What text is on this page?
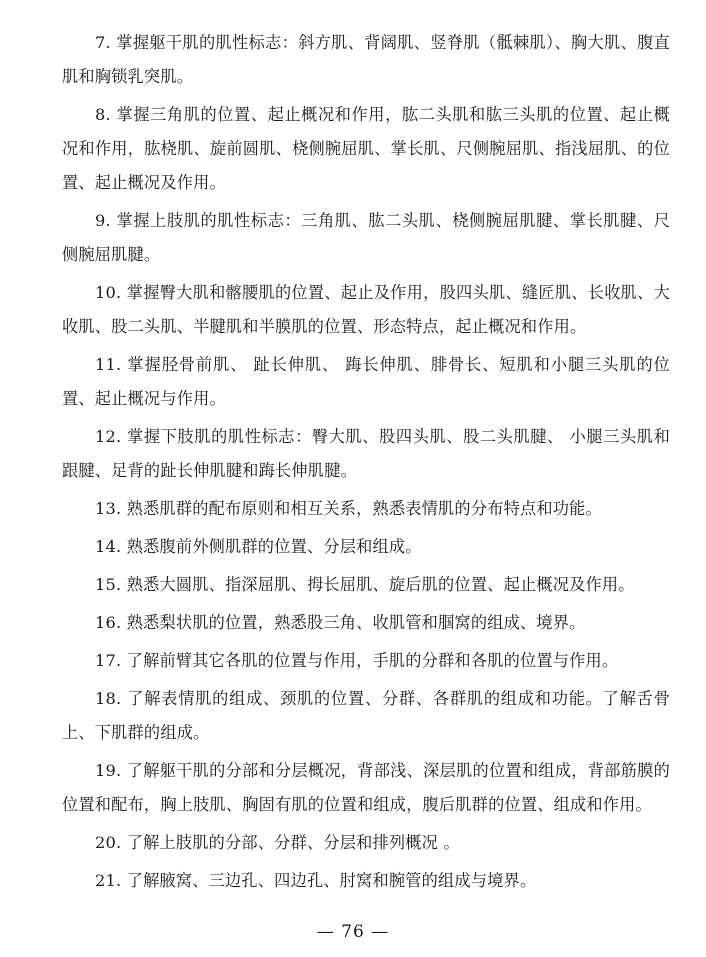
7. 掌握躯干肌的肌性标志：斜方肌、背阔肌、竖脊肌（骶棘肌）、胸大肌、腹直肌和胸锁乳突肌。

8. 掌握三角肌的位置、起止概况和作用，肱二头肌和肱三头肌的位置、起止概况和作用，肱桡肌、旋前圆肌、桡侧腕屈肌、掌长肌、尺侧腕屈肌、指浅屈肌、的位置、起止概况及作用。

9. 掌握上肢肌的肌性标志：三角肌、肱二头肌、桡侧腕屈肌腱、掌长肌腱、尺侧腕屈肌腱。

10. 掌握臀大肌和髂腰肌的位置、起止及作用，股四头肌、缝匠肌、长收肌、大收肌、股二头肌、半腱肌和半膜肌的位置、形态特点，起止概况和作用。

11. 掌握胫骨前肌、 趾长伸肌、 踇长伸肌、腓骨长、短肌和小腿三头肌的位置、起止概况与作用。

12. 掌握下肢肌的肌性标志：臀大肌、股四头肌、股二头肌腱、 小腿三头肌和跟腱、足背的趾长伸肌腱和踇长伸肌腱。

13. 熟悉肌群的配布原则和相互关系，熟悉表情肌的分布特点和功能。

14. 熟悉腹前外侧肌群的位置、分层和组成。

15. 熟悉大圆肌、指深屈肌、拇长屈肌、旋后肌的位置、起止概况及作用。

16. 熟悉梨状肌的位置，熟悉股三角、收肌管和腘窝的组成、境界。

17. 了解前臂其它各肌的位置与作用，手肌的分群和各肌的位置与作用。

18. 了解表情肌的组成、颈肌的位置、分群、各群肌的组成和功能。了解舌骨上、下肌群的组成。

19. 了解躯干肌的分部和分层概况，背部浅、深层肌的位置和组成，背部筋膜的位置和配布，胸上肢肌、胸固有肌的位置和组成，腹后肌群的位置、组成和作用。

20. 了解上肢肌的分部、分群、分层和排列概况 。

21. 了解腋窝、三边孔、四边孔、肘窝和腕管的组成与境界。

— 76 —
